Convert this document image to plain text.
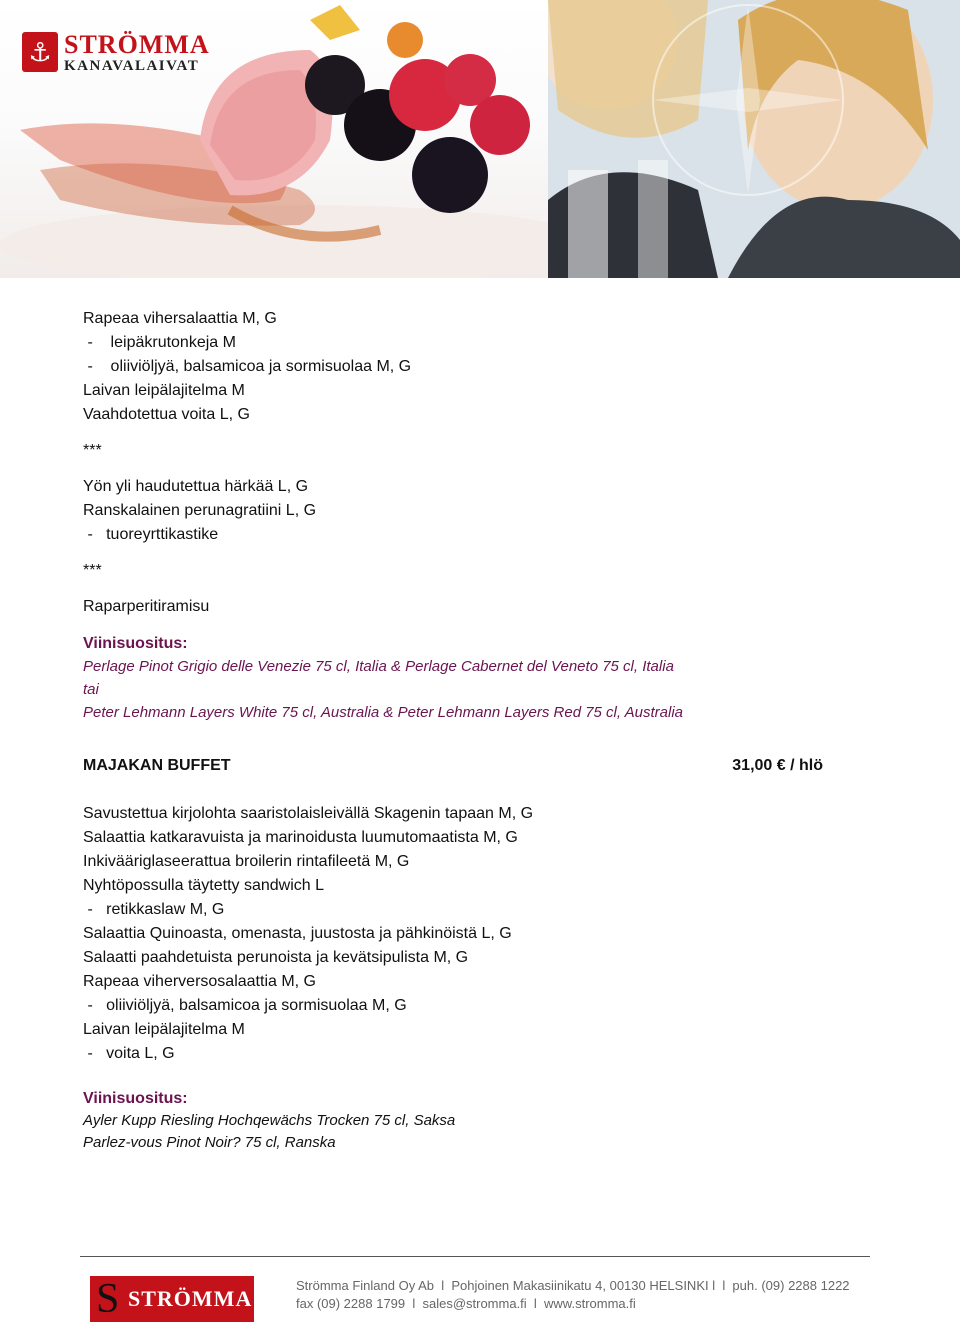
⚓ STRÖMMA
KANAVALAIVAT
Rapeaa vihersalaattia M, G
-    leipäkrutonkeja M
-    oliiviöljyä, balsamicoa ja sormisuolaa M, G
Laivan leipälajitelma M
Vaahdotettua voita L, G
***
Yön yli haudutettua härkää L, G
Ranskalainen perunagratiini L, G
-   tuoreyrttikastike
***
Raparperitiramisu
Viinisuositus:
Perlage Pinot Grigio delle Venezie 75 cl, Italia & Perlage Cabernet del Veneto 75 cl, Italia
tai
Peter Lehmann Layers White 75 cl, Australia & Peter Lehmann Layers Red 75 cl, Australia
MAJAKAN BUFFET	31,00 € / hlö
Savustettua kirjolohta saaristolaisleivällä Skagenin tapaan M, G
Salaattia katkaravuista ja marinoidusta luumutomaatista M, G
Inkivääriglaseerattua broilerin rintafileetä M, G
Nyhtöpossulla täytetty sandwich L
-   retikkaslaw M, G
Salaattia Quinoasta, omenasta, juustosta ja pähkinöistä L, G
Salaatti paahdetuista perunoista ja kevätsipulista M, G
Rapeaa viherversosalaattia M, G
-   oliiviöljyä, balsamicoa ja sormisuolaa M, G
Laivan leipälajitelma M
-   voita L, G
Viinisuositus:
Ayler Kupp Riesling Hochqewächs Trocken 75 cl, Saksa
Parlez-vous Pinot Noir? 75 cl, Ranska
S STRÖMMA
Strömma Finland Oy Ab  l  Pohjoinen Makasiinikatu 4, 00130 HELSINKI l  l  puh. (09) 2288 1222
fax (09) 2288 1799  l  sales@stromma.fi  l  www.stromma.fi
